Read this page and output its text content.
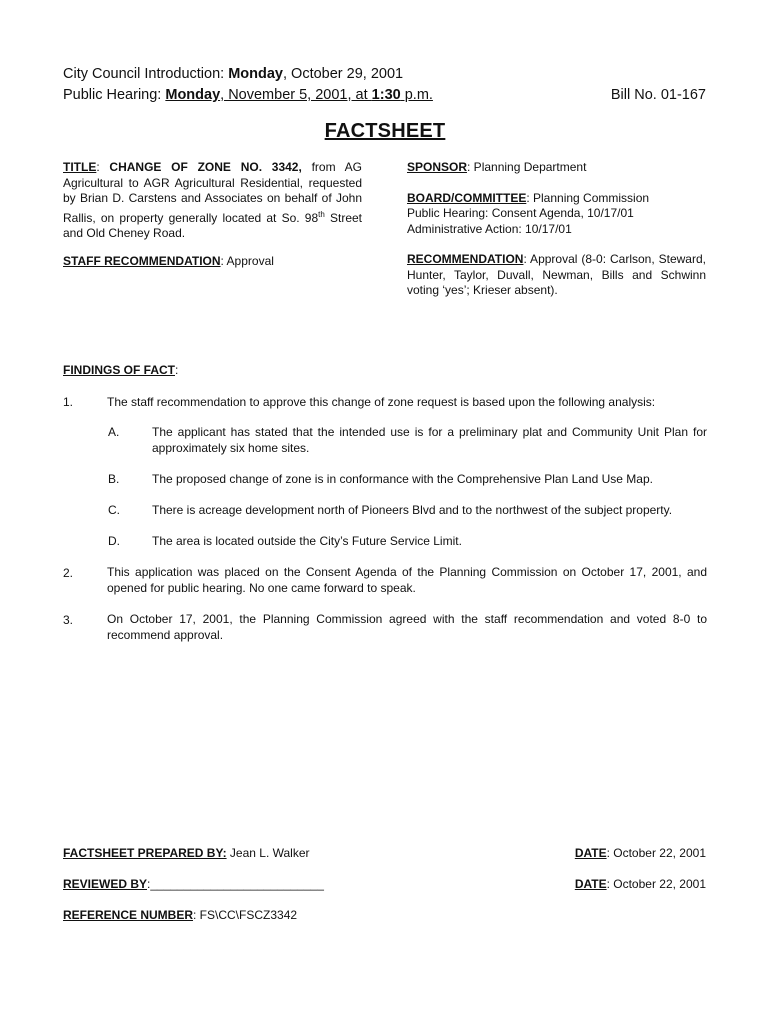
City Council Introduction: Monday, October 29, 2001
Public Hearing: Monday, November 5, 2001, at 1:30 p.m.	Bill No. 01-167
FACTSHEET
TITLE: CHANGE OF ZONE NO. 3342, from AG Agricultural to AGR Agricultural Residential, requested by Brian D. Carstens and Associates on behalf of John Rallis, on property generally located at So. 98th Street and Old Cheney Road.
STAFF RECOMMENDATION: Approval

SPONSOR: Planning Department

BOARD/COMMITTEE: Planning Commission
Public Hearing: Consent Agenda, 10/17/01
Administrative Action: 10/17/01

RECOMMENDATION: Approval (8-0: Carlson, Steward, Hunter, Taylor, Duvall, Newman, Bills and Schwinn voting ‘yes’; Krieser absent).

FINDINGS OF FACT:
1.	The staff recommendation to approve this change of zone request is based upon the following analysis:
A.	The applicant has stated that the intended use is for a preliminary plat and Community Unit Plan for approximately six home sites.
B.	The proposed change of zone is in conformance with the Comprehensive Plan Land Use Map.
C.	There is acreage development north of Pioneers Blvd and to the northwest of the subject property.
D.	The area is located outside the City’s Future Service Limit.
2.	This application was placed on the Consent Agenda of the Planning Commission on October 17, 2001, and opened for public hearing. No one came forward to speak.
3.	On October 17, 2001, the Planning Commission agreed with the staff recommendation and voted 8-0 to recommend approval.
FACTSHEET PREPARED BY: Jean L. Walker	DATE: October 22, 2001
REVIEWED BY:__________________________	DATE: October 22, 2001
REFERENCE NUMBER: FS\CC\FSCZ3342
